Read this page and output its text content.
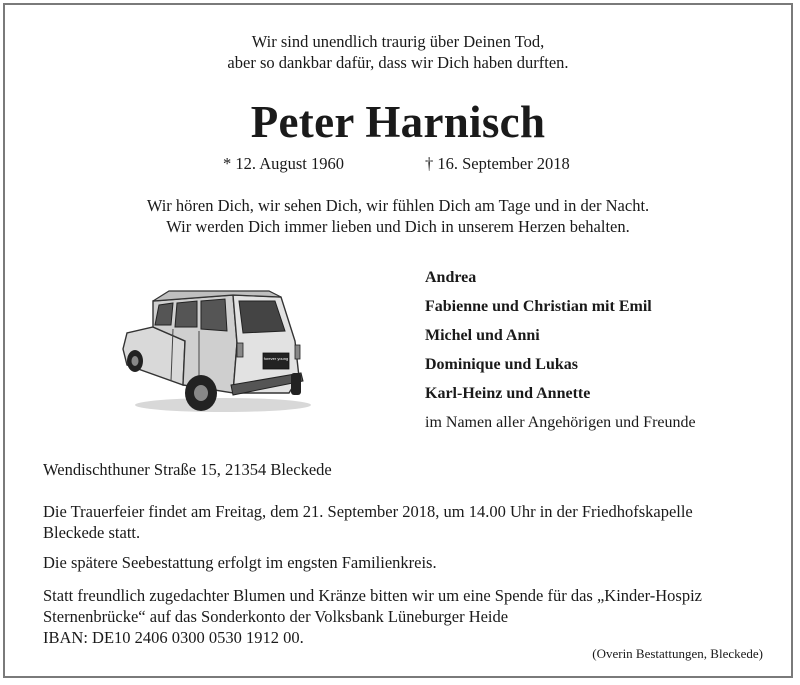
Wir sind unendlich traurig über Deinen Tod,
aber so dankbar dafür, dass wir Dich haben durften.
Peter Harnisch
* 12. August 1960	† 16. September 2018
Wir hören Dich, wir sehen Dich, wir fühlen Dich am Tage und in der Nacht.
Wir werden Dich immer lieben und Dich in unserem Herzen behalten.
forever young
Andrea
Fabienne und Christian mit Emil
Michel und Anni
Dominique und Lukas
Karl-Heinz und Annette
im Namen aller Angehörigen und Freunde
Wendischthuner Straße 15, 21354 Bleckede
Die Trauerfeier findet am Freitag, dem 21. September 2018, um 14.00 Uhr in der Friedhofskapelle
Bleckede statt.
Die spätere Seebestattung erfolgt im engsten Familienkreis.
Statt freundlich zugedachter Blumen und Kränze bitten wir um eine Spende für das „Kinder-Hospiz
Sternenbrücke“ auf das Sonderkonto der Volksbank Lüneburger Heide
IBAN: DE10 2406 0300 0530 1912 00.
(Overin Bestattungen, Bleckede)
